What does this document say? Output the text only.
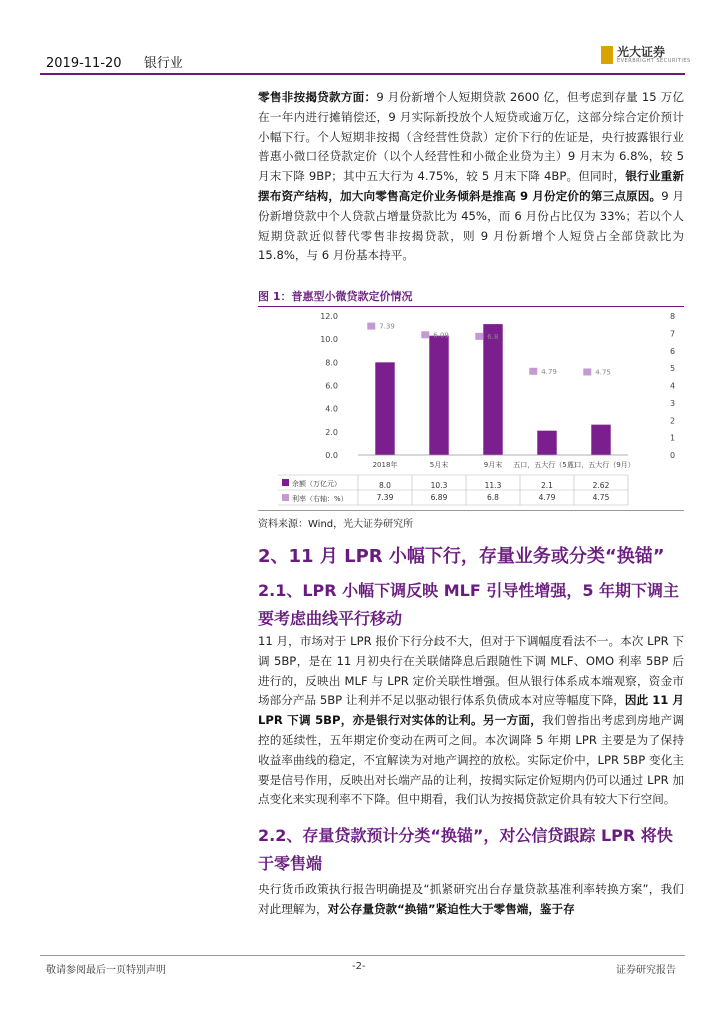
2019-11-20 银行业
光大证券
EVERBRIGHT SECURITIES
零售非按揭贷款方面：9 月份新增个人短期贷款 2600 亿，但考虑到存量 15 万亿在一年内进行摊销偿还，9 月实际新投放个人短贷或逾万亿，这部分综合定价预计小幅下行。个人短期非按揭（含经营性贷款）定价下行的佐证是，央行披露银行业普惠小微口径贷款定价（以个人经营性和小微企业贷为主）9 月末为 6.8%，较 5 月末下降 9BP；其中五大行为 4.75%，较 5 月末下降 4BP。但同时，银行业重新摆布资产结构，加大向零售高定价业务倾斜是推高 9 月份定价的第三点原因。9 月份新增贷款中个人贷款占增量贷款比为 45%，而 6 月份占比仅为 33%；若以个人短期贷款近似替代零售非按揭贷款，则 9 月份新增个人短贷占全部贷款比为 15.8%，与 6 月份基本持平。
图 1：普惠型小微贷款定价情况
12.0
10.0
8.0
6.0
4.0
2.0
0.0
8
7
6
5
4
3
2
1
0
7.39
2018年
8.0
7.39
6.09
5月末
10.3
6.89
6.8
9月末
11.3
6.8
4.79
五口，五大行（5月）
2.1
4.79
4.75
五口，五大行（9月）
2.62
4.75
余额（万亿元）
利率（右轴：%）
资料来源：Wind，光大证券研究所
2、11 月 LPR 小幅下行，存量业务或分类“换锚”
2.1、LPR 小幅下调反映 MLF 引导性增强，5 年期下调主要考虑曲线平行移动
11 月，市场对于 LPR 报价下行分歧不大，但对于下调幅度看法不一。本次 LPR 下调 5BP，是在 11 月初央行在关联储降息后跟随性下调 MLF、OMO 利率 5BP 后进行的，反映出 MLF 与 LPR 定价关联性增强。但从银行体系成本端观察，资金市场部分产品 5BP 让利并不足以驱动银行体系负债成本对应等幅度下降，因此 11 月 LPR 下调 5BP，亦是银行对实体的让利。另一方面，我们曾指出考虑到房地产调控的延续性，五年期定价变动在两可之间。本次调降 5 年期 LPR 主要是为了保持收益率曲线的稳定，不宜解读为对地产调控的放松。实际定价中，LPR 5BP 变化主要是信号作用，反映出对长端产品的让利，按揭实际定价短期内仍可以通过 LPR 加点变化来实现利率不下降。但中期看，我们认为按揭贷款定价具有较大下行空间。
2.2、存量贷款预计分类“换锚”，对公信贷跟踪 LPR 将快于零售端
央行货币政策执行报告明确提及“抓紧研究出台存量贷款基准利率转换方案”，我们对此理解为，对公存量贷款“换锚”紧迫性大于零售端，鉴于存
敬请参阅最后一页特别声明	-2-	证券研究报告
